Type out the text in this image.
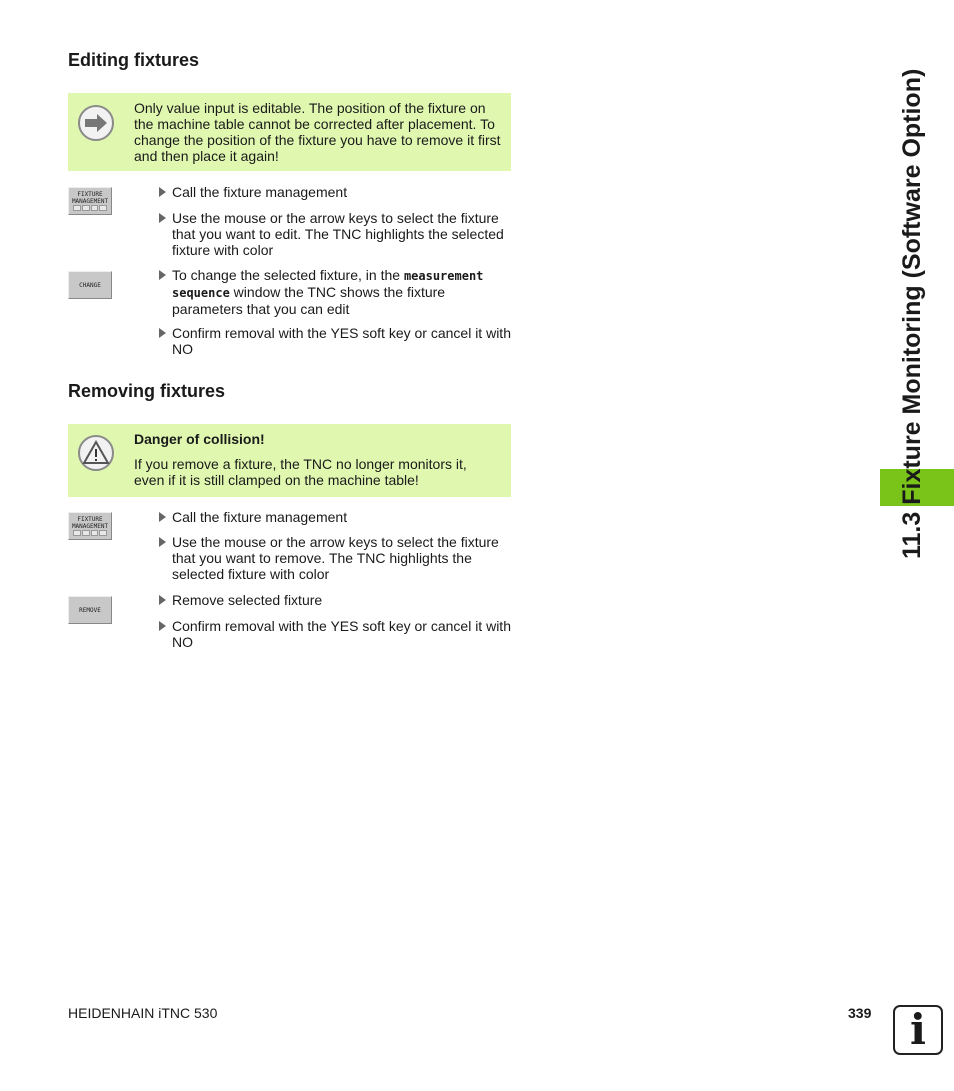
Editing fixtures
Only value input is editable. The position of the fixture on the machine table cannot be corrected after placement. To change the position of the fixture you have to remove it first and then place it again!
FIXTURE
MANAGEMENT
Call the fixture management
Use the mouse or the arrow keys to select the fixture that you want to edit. The TNC highlights the selected fixture with color
CHANGE
To change the selected fixture, in the measurement sequence window the TNC shows the fixture parameters that you can edit
Confirm removal with the YES soft key or cancel it with NO
Removing fixtures
Danger of collision!
If you remove a fixture, the TNC no longer monitors it, even if it is still clamped on the machine table!
FIXTURE
MANAGEMENT
Call the fixture management
Use the mouse or the arrow keys to select the fixture that you want to remove. The TNC highlights the selected fixture with color
REMOVE
Remove selected fixture
Confirm removal with the YES soft key or cancel it with NO
11.3 Fixture Monitoring (Software Option)
HEIDENHAIN iTNC 530	339 i
